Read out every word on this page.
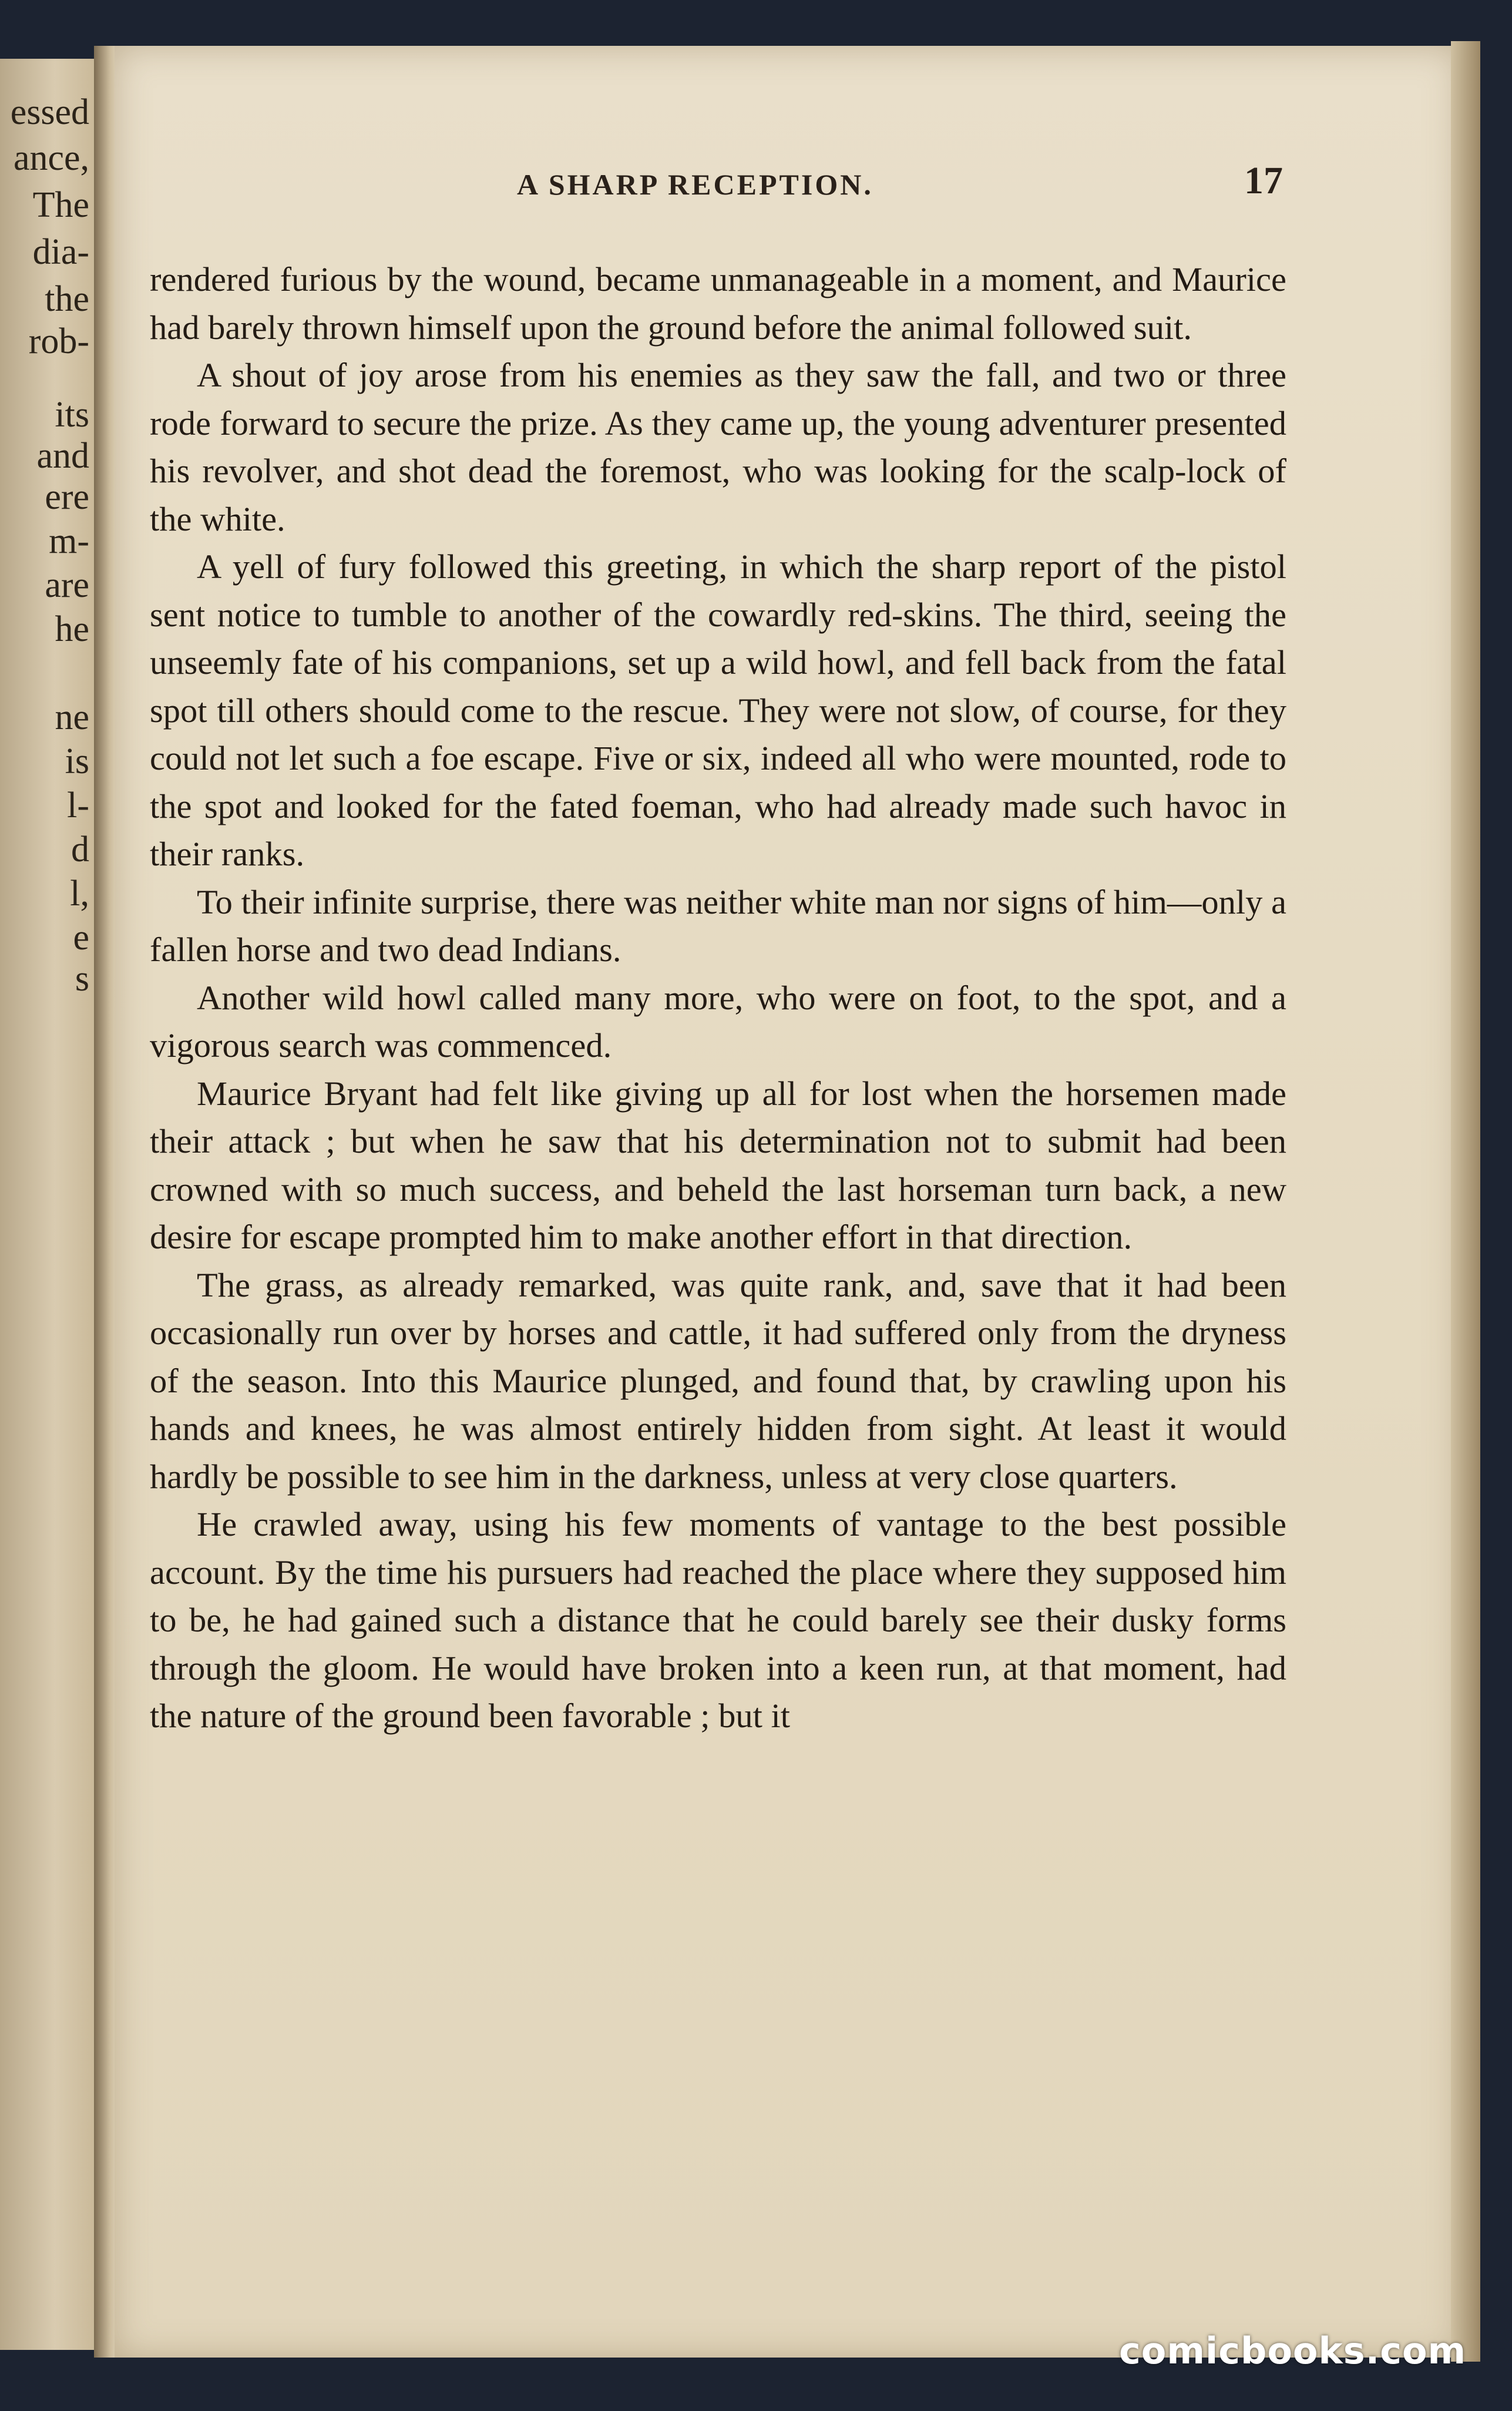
essed
ance,
The
dia-
the
rob-
its
and
ere
m-
are
he
ne
is
l-
d
l,
e
s
A SHARP RECEPTION.	17

rendered furious by the wound, became unmanageable in a moment, and Maurice had barely thrown himself upon the ground before the animal followed suit.

A shout of joy arose from his enemies as they saw the fall, and two or three rode forward to secure the prize. As they came up, the young adventurer presented his revolver, and shot dead the foremost, who was looking for the scalp-lock of the white.

A yell of fury followed this greeting, in which the sharp report of the pistol sent notice to tumble to another of the cowardly red-skins. The third, seeing the unseemly fate of his companions, set up a wild howl, and fell back from the fatal spot till others should come to the rescue. They were not slow, of course, for they could not let such a foe escape. Five or six, indeed all who were mounted, rode to the spot and looked for the fated foeman, who had already made such havoc in their ranks.

To their infinite surprise, there was neither white man nor signs of him—only a fallen horse and two dead Indians.

Another wild howl called many more, who were on foot, to the spot, and a vigorous search was commenced.

Maurice Bryant had felt like giving up all for lost when the horsemen made their attack ; but when he saw that his determination not to submit had been crowned with so much success, and beheld the last horseman turn back, a new desire for escape prompted him to make another effort in that direction.

The grass, as already remarked, was quite rank, and, save that it had been occasionally run over by horses and cattle, it had suffered only from the dryness of the season. Into this Maurice plunged, and found that, by crawling upon his hands and knees, he was almost entirely hidden from sight. At least it would hardly be possible to see him in the darkness, unless at very close quarters.

He crawled away, using his few moments of vantage to the best possible account. By the time his pursuers had reached the place where they supposed him to be, he had gained such a distance that he could barely see their dusky forms through the gloom. He would have broken into a keen run, at that moment, had the nature of the ground been favorable ; but it

comicbooks.com
